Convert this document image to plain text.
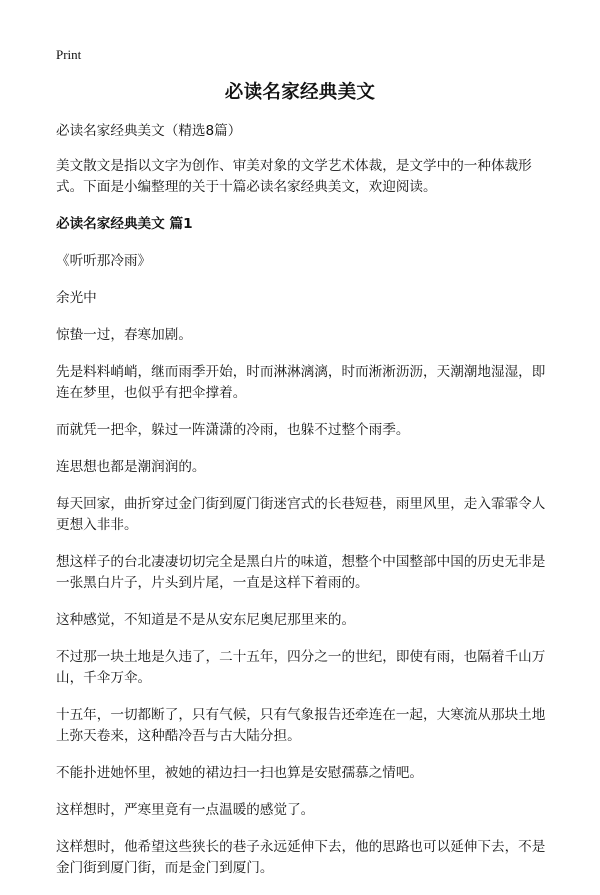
Print
必读名家经典美文

必读名家经典美文（精选8篇）

美文散文是指以文字为创作、审美对象的文学艺术体裁，是文学中的一种体裁形式。下面是小编整理的关于十篇必读名家经典美文，欢迎阅读。

必读名家经典美文 篇1

《听听那冷雨》

余光中

惊蛰一过，春寒加剧。

先是料料峭峭，继而雨季开始，时而淋淋漓漓，时而淅淅沥沥，天潮潮地湿湿，即连在梦里，也似乎有把伞撑着。

而就凭一把伞，躲过一阵潇潇的冷雨，也躲不过整个雨季。

连思想也都是潮润润的。

每天回家，曲折穿过金门街到厦门街迷宫式的长巷短巷，雨里风里，走入霏霏令人更想入非非。

想这样子的台北凄凄切切完全是黑白片的味道，想整个中国整部中国的历史无非是一张黑白片子，片头到片尾，一直是这样下着雨的。

这种感觉，不知道是不是从安东尼奥尼那里来的。

不过那一块土地是久违了，二十五年，四分之一的世纪，即使有雨，也隔着千山万山，千伞万伞。

十五年，一切都断了，只有气候，只有气象报告还牵连在一起，大寒流从那块土地上弥天卷来，这种酷冷吾与古大陆分担。

不能扑进她怀里，被她的裙边扫一扫也算是安慰孺慕之情吧。

这样想时，严寒里竟有一点温暖的感觉了。

这样想时，他希望这些狭长的巷子永远延伸下去，他的思路也可以延伸下去，不是金门街到厦门街，而是金门到厦门。
